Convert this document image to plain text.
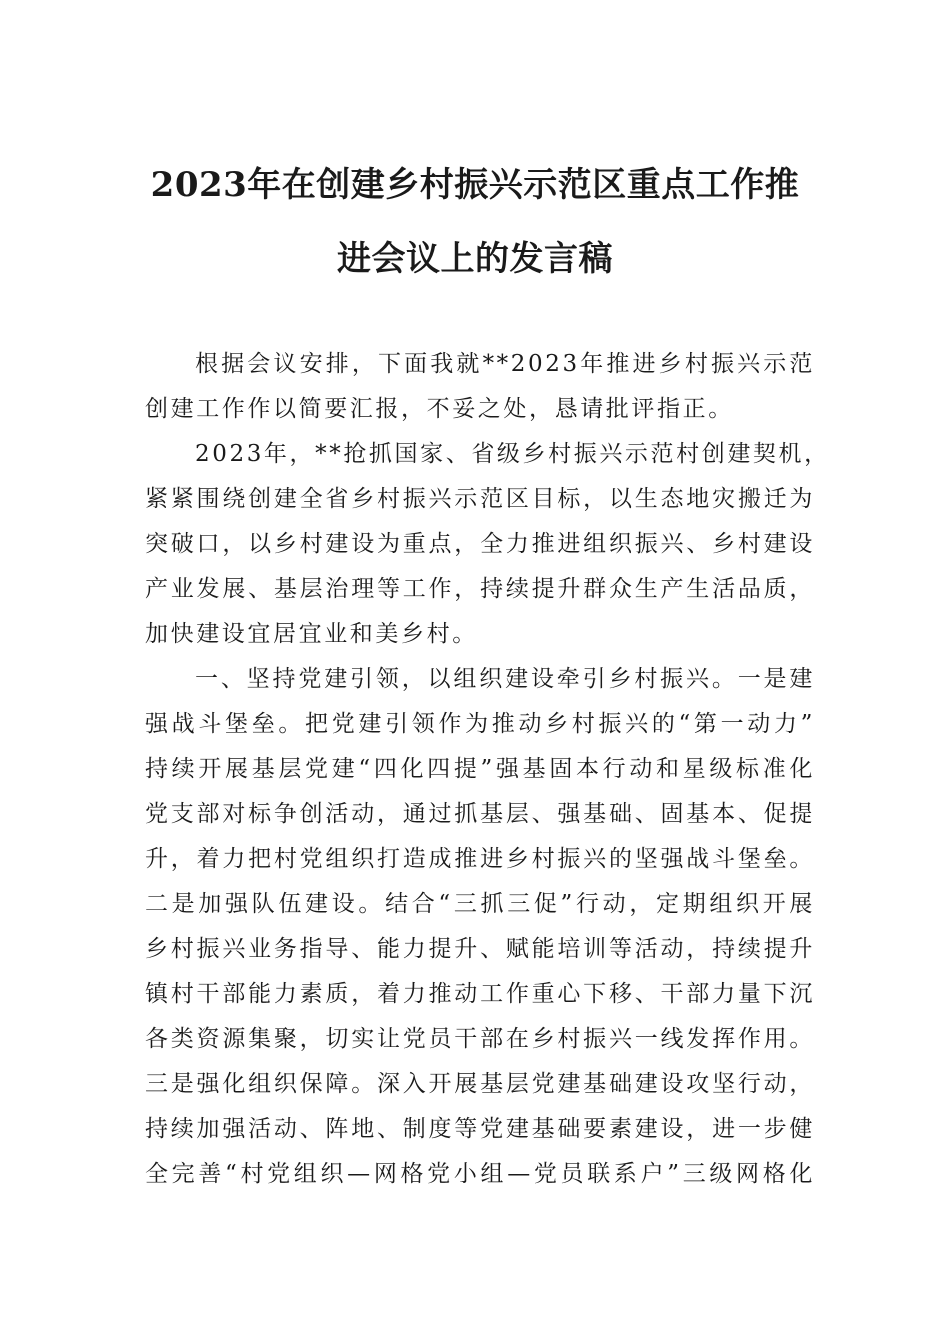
2023年在创建乡村振兴示范区重点工作推
进会议上的发言稿
根据会议安排，下面我就**2023年推进乡村振兴示范
创建工作作以简要汇报，不妥之处，恳请批评指正。
2023年，**抢抓国家、省级乡村振兴示范村创建契机，
紧紧围绕创建全省乡村振兴示范区目标，以生态地灾搬迁为
突破口，以乡村建设为重点，全力推进组织振兴、乡村建设
产业发展、基层治理等工作，持续提升群众生产生活品质，
加快建设宜居宜业和美乡村。
一、坚持党建引领，以组织建设牵引乡村振兴。一是建
强战斗堡垒。把党建引领作为推动乡村振兴的“第一动力”
持续开展基层党建“四化四提”强基固本行动和星级标准化
党支部对标争创活动，通过抓基层、强基础、固基本、促提
升，着力把村党组织打造成推进乡村振兴的坚强战斗堡垒。
二是加强队伍建设。结合“三抓三促”行动，定期组织开展
乡村振兴业务指导、能力提升、赋能培训等活动，持续提升
镇村干部能力素质，着力推动工作重心下移、干部力量下沉
各类资源集聚，切实让党员干部在乡村振兴一线发挥作用。
三是强化组织保障。深入开展基层党建基础建设攻坚行动，
持续加强活动、阵地、制度等党建基础要素建设，进一步健
全完善“村党组织—网格党小组—党员联系户”三级网格化
